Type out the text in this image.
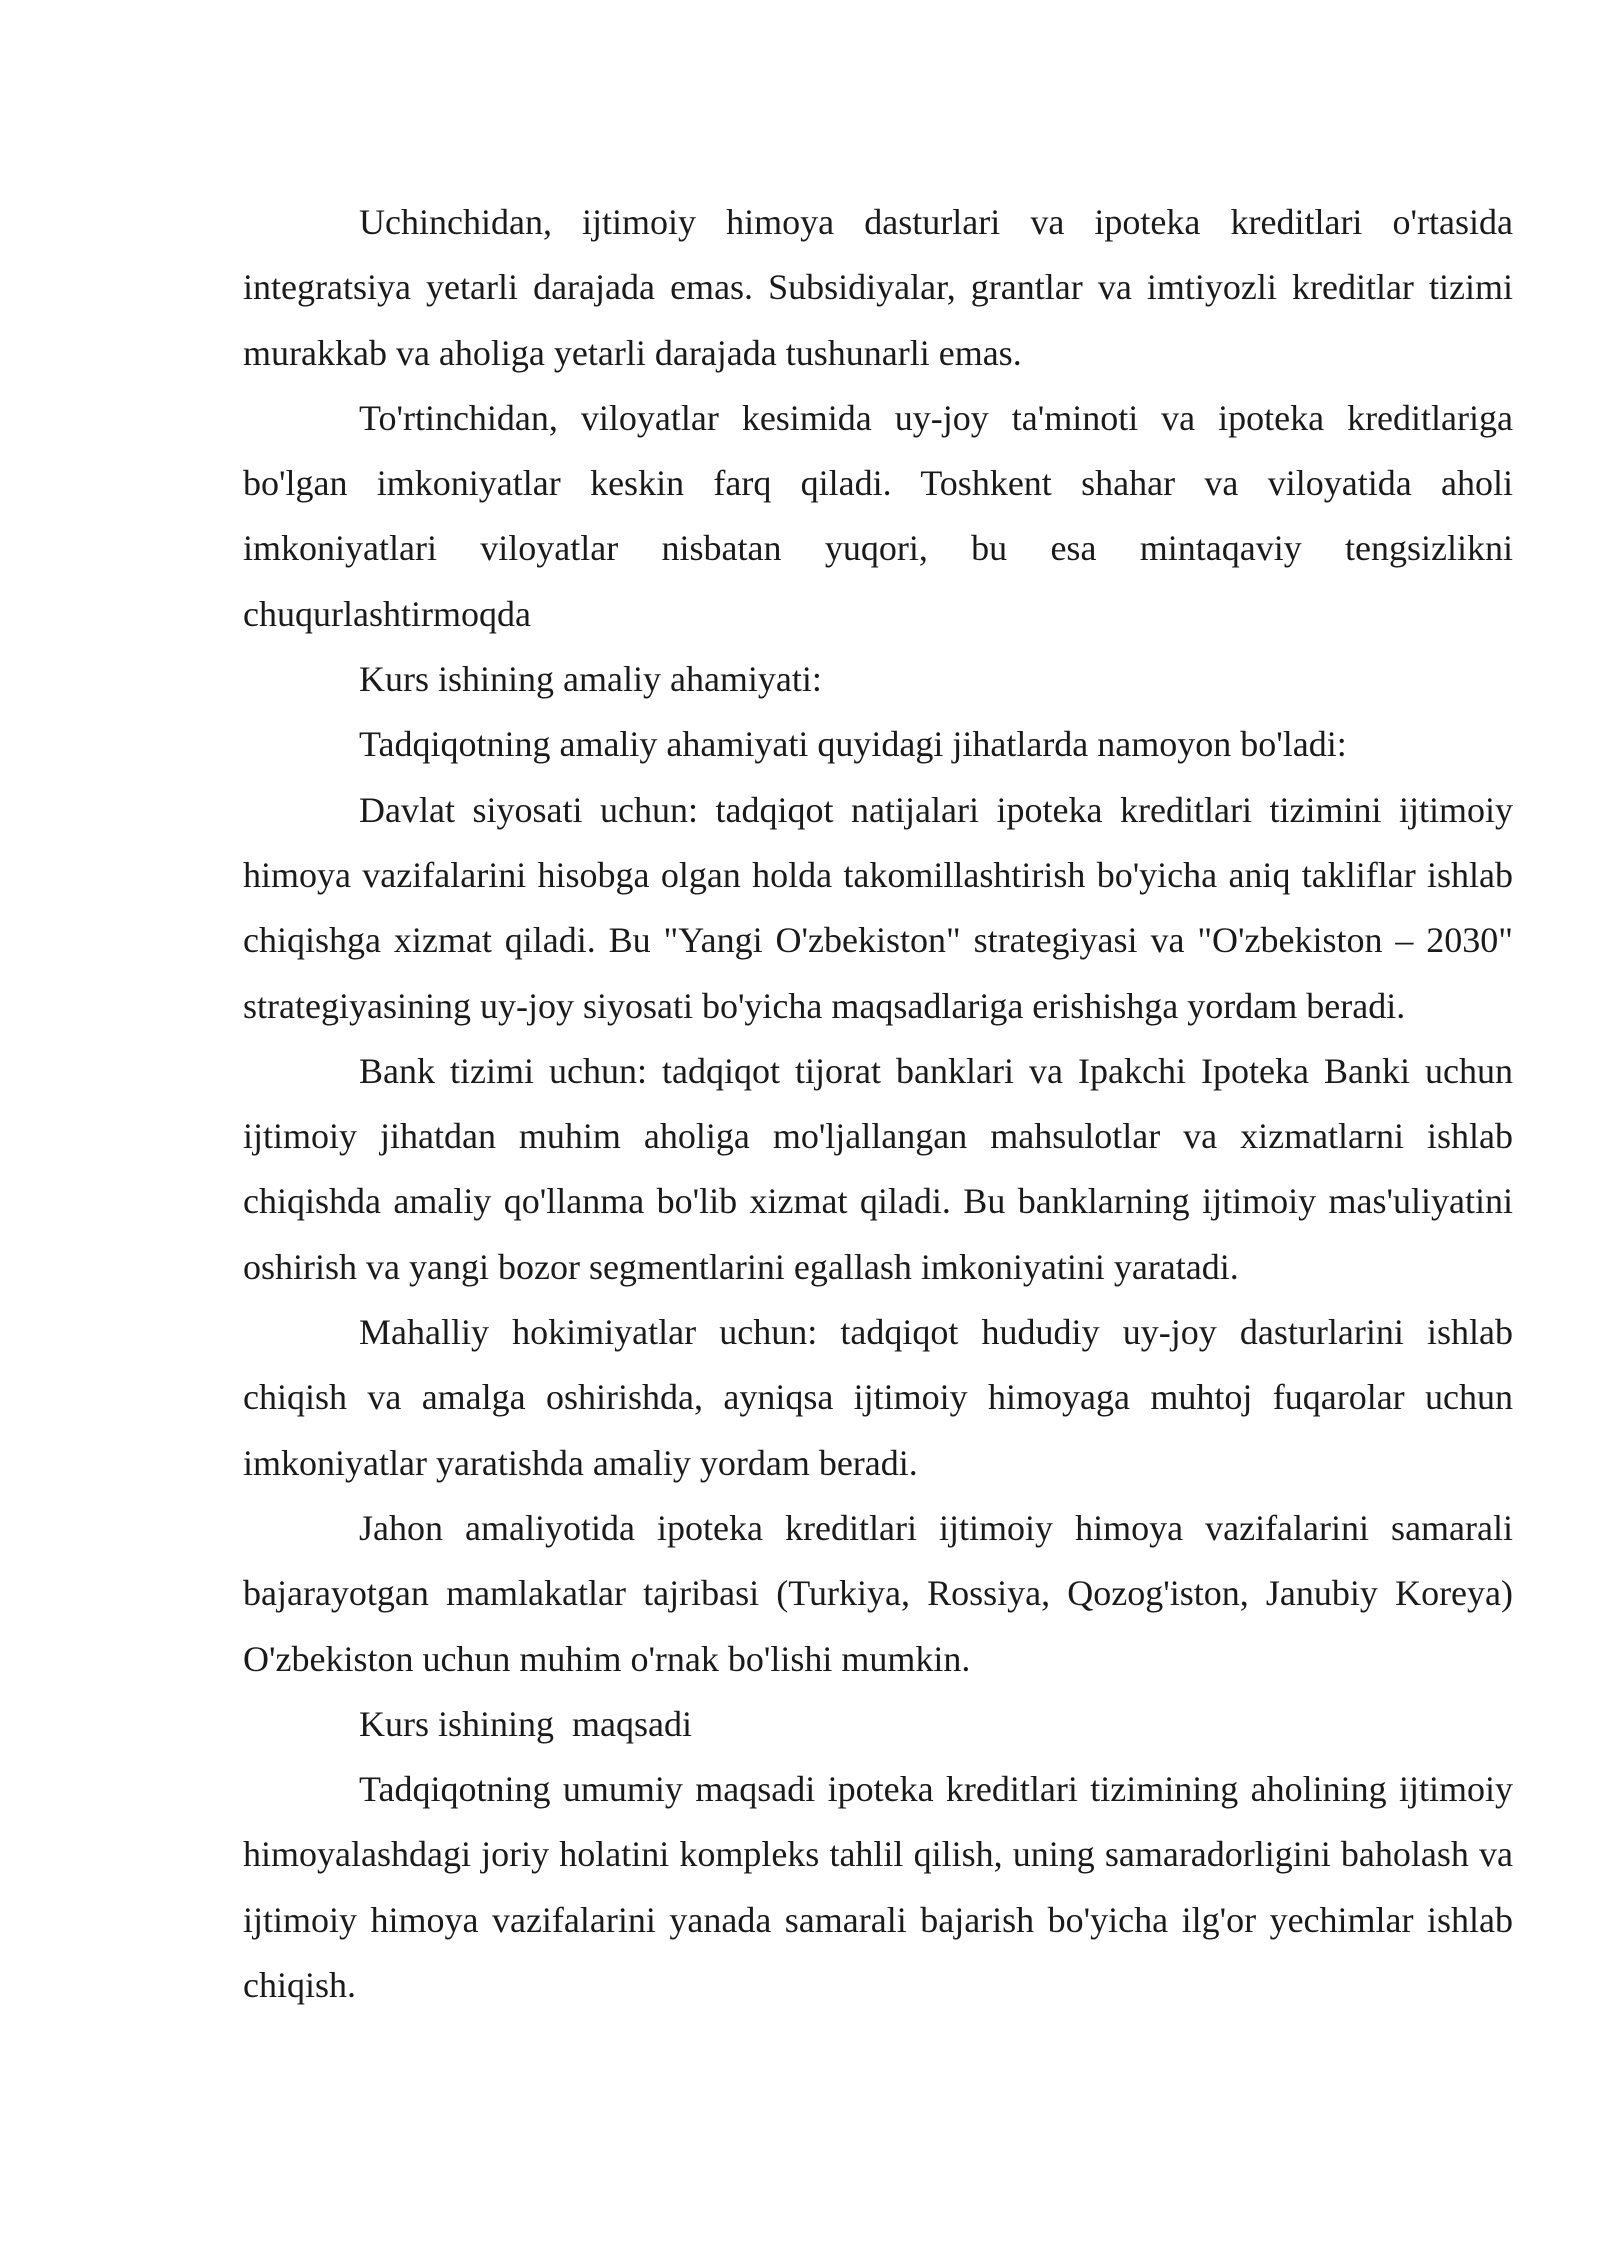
Uchinchidan, ijtimoiy himoya dasturlari va ipoteka kreditlari o'rtasida integratsiya yetarli darajada emas. Subsidiyalar, grantlar va imtiyozli kreditlar tizimi murakkab va aholiga yetarli darajada tushunarli emas.

To'rtinchidan, viloyatlar kesimida uy-joy ta'minoti va ipoteka kreditlariga bo'lgan imkoniyatlar keskin farq qiladi. Toshkent shahar va viloyatida aholi imkoniyatlari viloyatlar nisbatan yuqori, bu esa mintaqaviy tengsizlikni chuqurlashtirmoqda

Kurs ishining amaliy ahamiyati:

Tadqiqotning amaliy ahamiyati quyidagi jihatlarda namoyon bo'ladi:

Davlat siyosati uchun: tadqiqot natijalari ipoteka kreditlari tizimini ijtimoiy himoya vazifalarini hisobga olgan holda takomillashtirish bo'yicha aniq takliflar ishlab chiqishga xizmat qiladi. Bu "Yangi O'zbekiston" strategiyasi va "O'zbekiston – 2030" strategiyasining uy-joy siyosati bo'yicha maqsadlariga erishishga yordam beradi.

Bank tizimi uchun: tadqiqot tijorat banklari va Ipakchi Ipoteka Banki uchun ijtimoiy jihatdan muhim aholiga mo'ljallangan mahsulotlar va xizmatlarni ishlab chiqishda amaliy qo'llanma bo'lib xizmat qiladi. Bu banklarning ijtimoiy mas'uliyatini oshirish va yangi bozor segmentlarini egallash imkoniyatini yaratadi.

Mahalliy hokimiyatlar uchun: tadqiqot hududiy uy-joy dasturlarini ishlab chiqish va amalga oshirishda, ayniqsa ijtimoiy himoyaga muhtoj fuqarolar uchun imkoniyatlar yaratishda amaliy yordam beradi.

Jahon amaliyotida ipoteka kreditlari ijtimoiy himoya vazifalarini samarali bajarayotgan mamlakatlar tajribasi (Turkiya, Rossiya, Qozog'iston, Janubiy Koreya) O'zbekiston uchun muhim o'rnak bo'lishi mumkin.

Kurs ishining  maqsadi

Tadqiqotning umumiy maqsadi ipoteka kreditlari tizimining aholining ijtimoiy himoyalashdagi joriy holatini kompleks tahlil qilish, uning samaradorligini baholash va ijtimoiy himoya vazifalarini yanada samarali bajarish bo'yicha ilg'or yechimlar ishlab chiqish.
